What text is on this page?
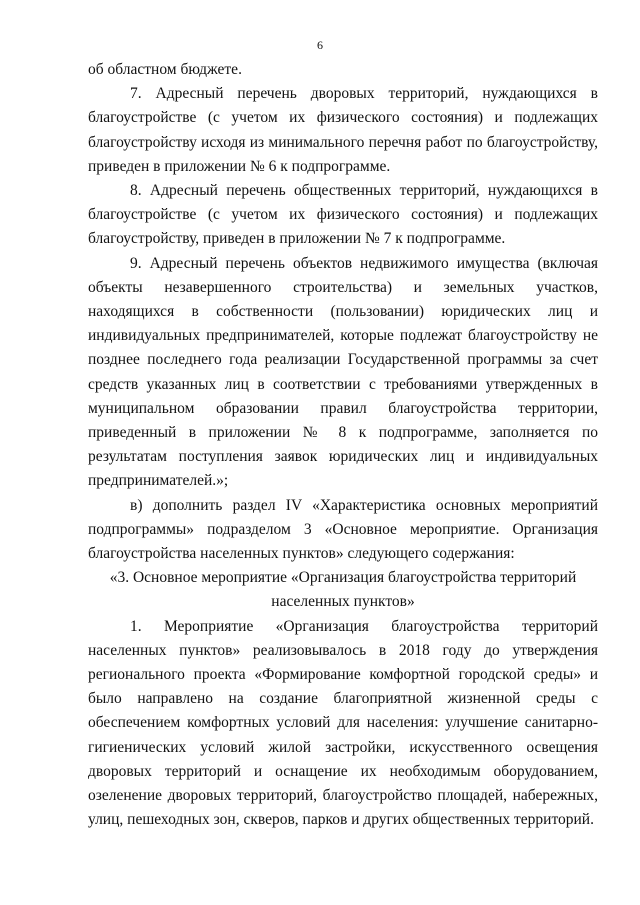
6

об областном бюджете.

7. Адресный перечень дворовых территорий, нуждающихся в благоустройстве (с учетом их физического состояния) и подлежащих благоустройству исходя из минимального перечня работ по благоустройству, приведен в приложении № 6 к подпрограмме.

8. Адресный перечень общественных территорий, нуждающихся в благоустройстве (с учетом их физического состояния) и подлежащих благоустройству, приведен в приложении № 7 к подпрограмме.

9. Адресный перечень объектов недвижимого имущества (включая объекты незавершенного строительства) и земельных участков, находящихся в собственности (пользовании) юридических лиц и индивидуальных предпринимателей, которые подлежат благоустройству не позднее последнего года реализации Государственной программы за счет средств указанных лиц в соответствии с требованиями утвержденных в муниципальном образовании правил благоустройства территории, приведенный в приложении № 8 к подпрограмме, заполняется по результатам поступления заявок юридических лиц и индивидуальных предпринимателей.»;

в) дополнить раздел IV «Характеристика основных мероприятий подпрограммы» подразделом 3 «Основное мероприятие. Организация благоустройства населенных пунктов» следующего содержания:

«3. Основное мероприятие «Организация благоустройства территорий населенных пунктов»

1. Мероприятие «Организация благоустройства территорий населенных пунктов» реализовывалось в 2018 году до утверждения регионального проекта «Формирование комфортной городской среды» и было направлено на создание благоприятной жизненной среды с обеспечением комфортных условий для населения: улучшение санитарно-гигиенических условий жилой застройки, искусственного освещения дворовых территорий и оснащение их необходимым оборудованием, озеленение дворовых территорий, благоустройство площадей, набережных, улиц, пешеходных зон, скверов, парков и других общественных территорий.
